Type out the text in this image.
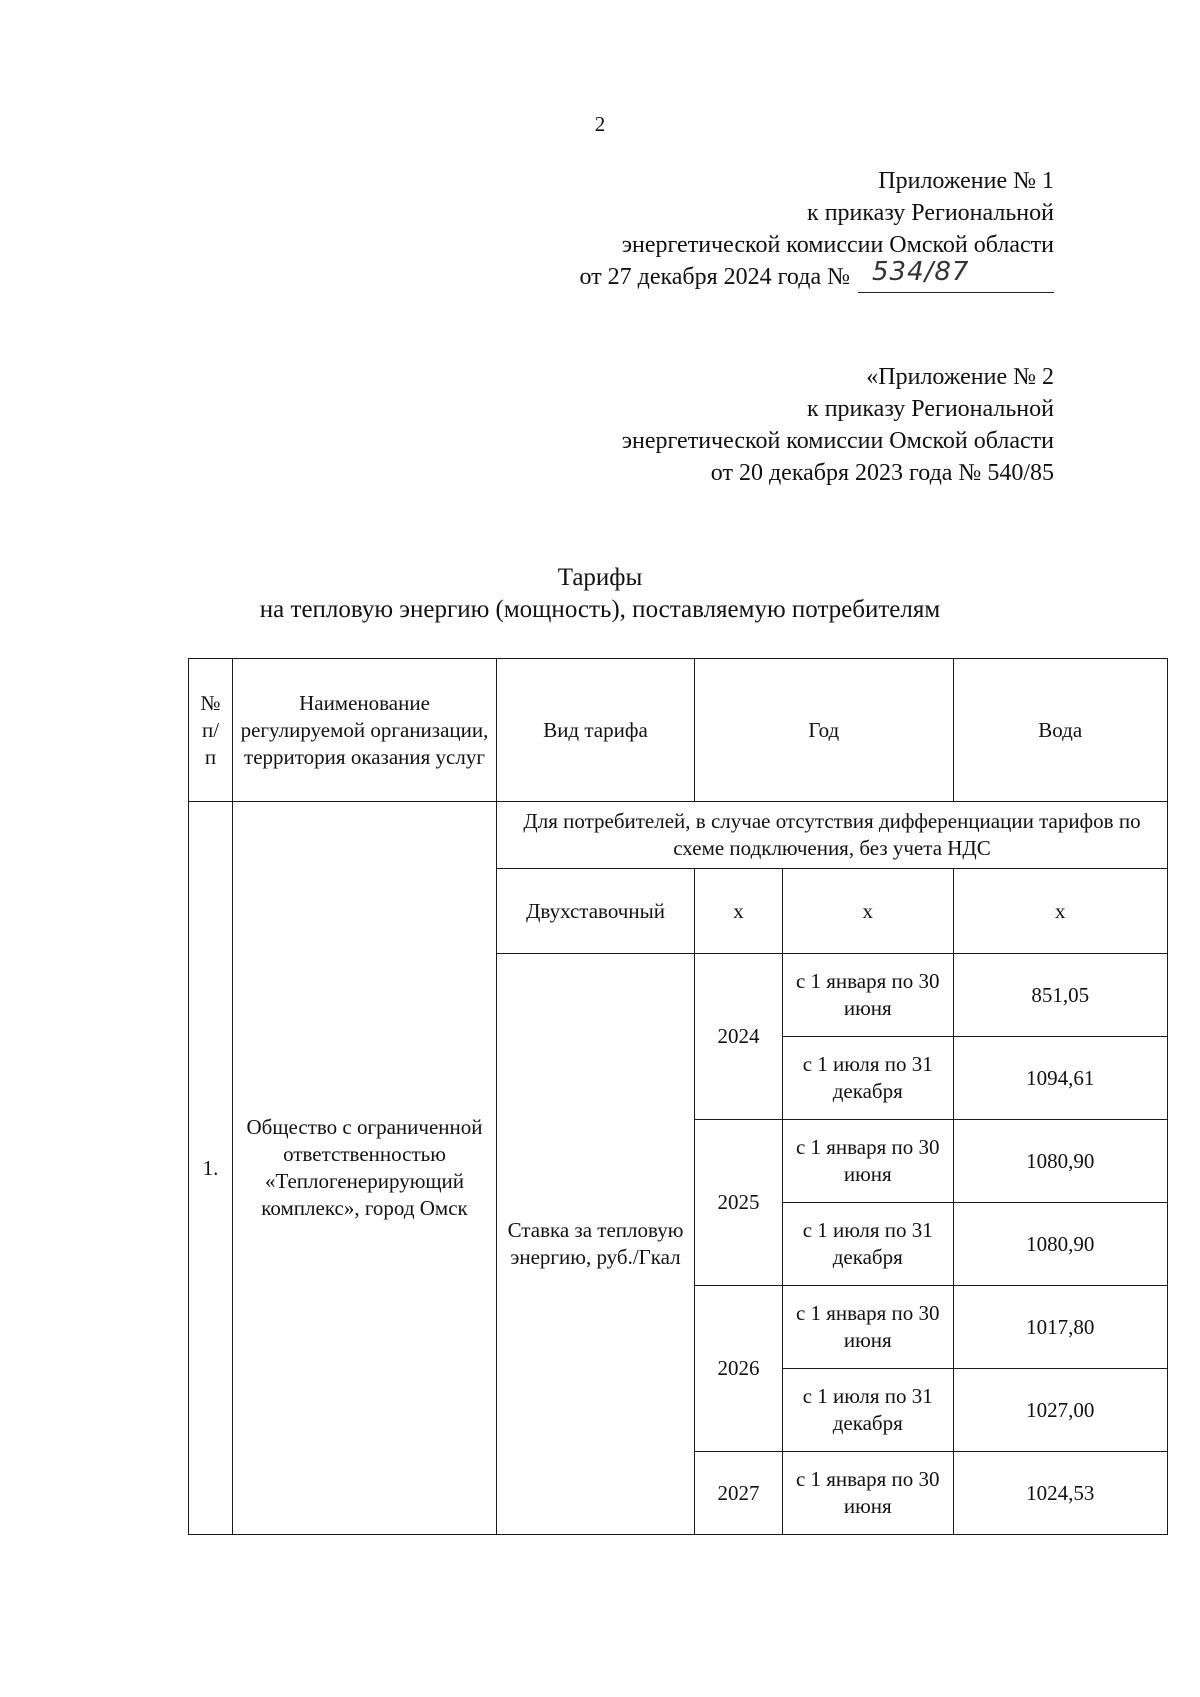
2
Приложение № 1
к приказу Региональной
энергетической комиссии Омской области
от 27 декабря 2024 года № 534/87
«Приложение № 2
к приказу Региональной
энергетической комиссии Омской области
от 20 декабря 2023 года № 540/85
Тарифы
на тепловую энергию (мощность), поставляемую потребителям
№ п/ п	Наименование регулируемой организации, территория оказания услуг	Вид тарифа	Год		Вода
1.	Общество с ограниченной ответственностью «Теплогенерирующий комплекс», город Омск	Для потребителей, в случае отсутствия дифференциации тарифов по схеме подключения, без учета НДС			
		Двухставочный	х	х	х
		Ставка за тепловую энергию, руб./Гкал	2024	с 1 января по 30 июня	851,05
				с 1 июля по 31 декабря	1094,61
			2025	с 1 января по 30 июня	1080,90
				с 1 июля по 31 декабря	1080,90
			2026	с 1 января по 30 июня	1017,80
				с 1 июля по 31 декабря	1027,00
			2027	с 1 января по 30 июня	1024,53
